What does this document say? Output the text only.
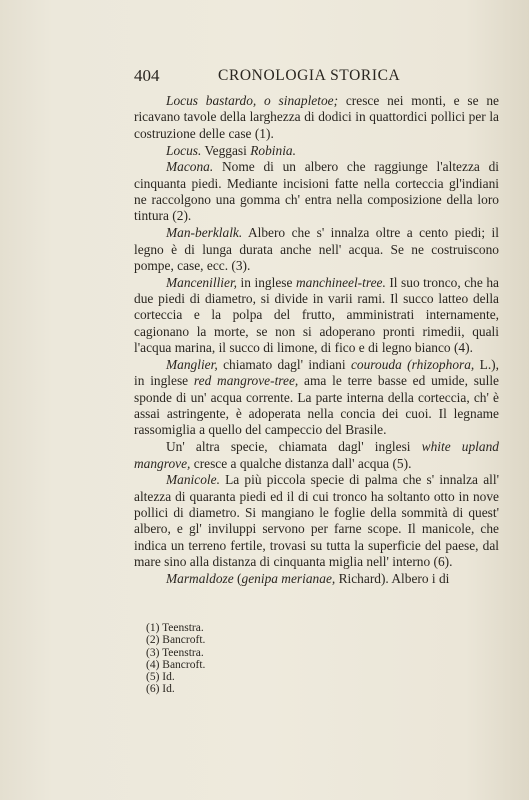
404	CRONOLOGIA STORICA

Locus bastardo, o sinapletoe; cresce nei monti, e se ne ricavano tavole della larghezza di dodici in quattordici pollici per la costruzione delle case (1).

Locus. Veggasi Robinia.

Macona. Nome di un albero che raggiunge l'altezza di cinquanta piedi. Mediante incisioni fatte nella corteccia gl'indiani ne raccolgono una gomma ch' entra nella composizione della loro tintura (2).

Man-berklalk. Albero che s' innalza oltre a cento piedi; il legno è di lunga durata anche nell' acqua. Se ne costruiscono pompe, case, ecc. (3).

Mancenillier, in inglese manchineel-tree. Il suo tronco, che ha due piedi di diametro, si divide in varii rami. Il succo latteo della corteccia e la polpa del frutto, amministrati internamente, cagionano la morte, se non si adoperano pronti rimedii, quali l'acqua marina, il succo di limone, di fico e di legno bianco (4).

Manglier, chiamato dagl' indiani courouda (rhizophora, L.), in inglese red mangrove-tree, ama le terre basse ed umide, sulle sponde di un' acqua corrente. La parte interna della corteccia, ch' è assai astringente, è adoperata nella concia dei cuoi. Il legname rassomiglia a quello del campeccio del Brasile.

Un' altra specie, chiamata dagl' inglesi white upland mangrove, cresce a qualche distanza dall' acqua (5).

Manicole. La più piccola specie di palma che s' innalza all' altezza di quaranta piedi ed il di cui tronco ha soltanto otto in nove pollici di diametro. Si mangiano le foglie della sommità di quest' albero, e gl' inviluppi servono per farne scope. Il manicole, che indica un terreno fertile, trovasi su tutta la superficie del paese, dal mare sino alla distanza di cinquanta miglia nell' interno (6).

Marmaldoze (genipa merianae, Richard). Albero i di

(1) Teenstra.
(2) Bancroft.
(3) Teenstra.
(4) Bancroft.
(5) Id.
(6) Id.
